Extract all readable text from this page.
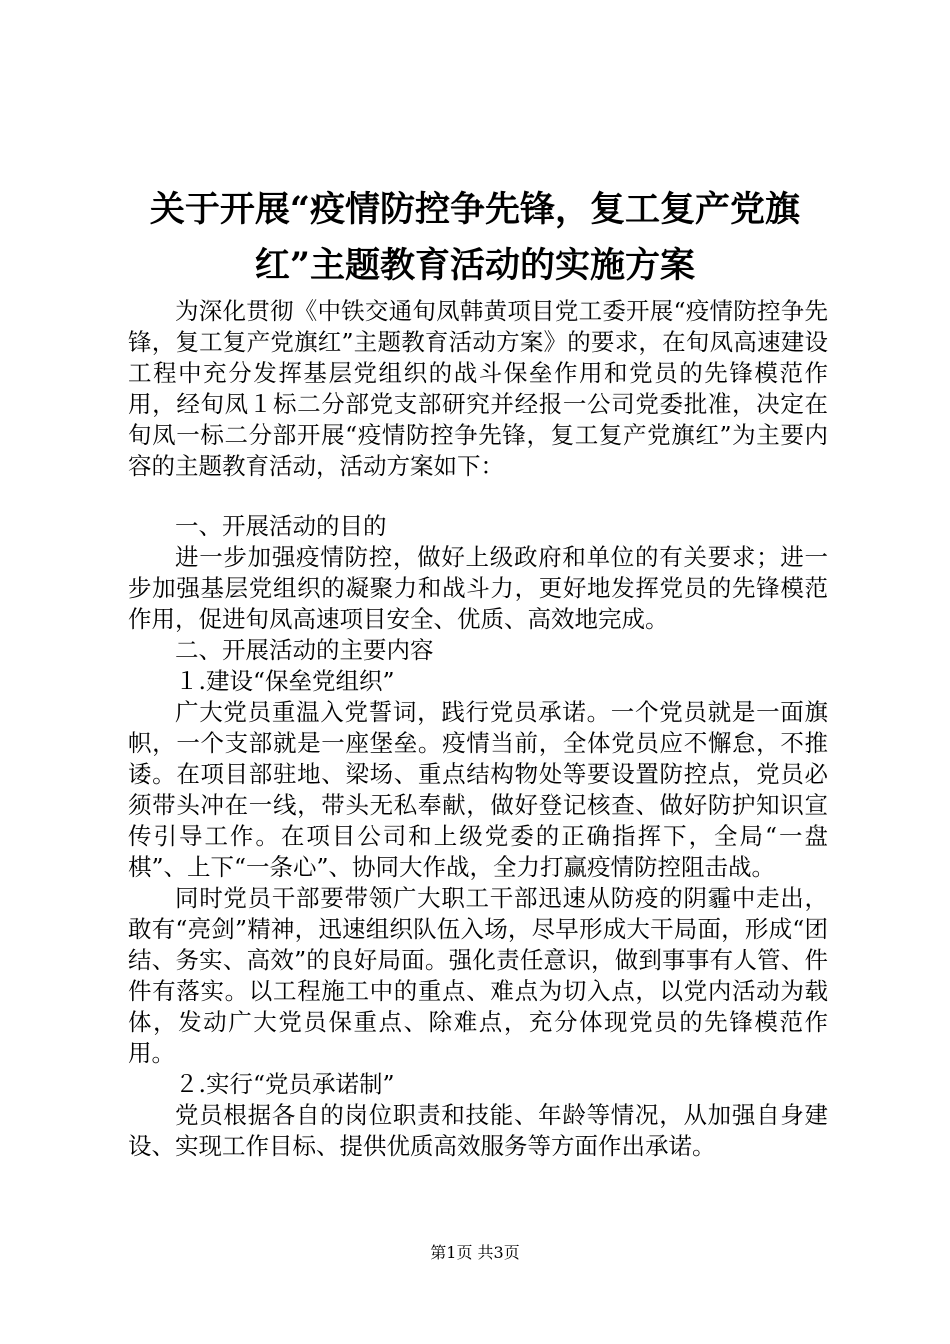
关于开展“疫情防控争先锋，复工复产党旗
红”主题教育活动的实施方案

为深化贯彻《中铁交通旬凤韩黄项目党工委开展“疫情防控争先锋，复工复产党旗红”主题教育活动方案》的要求，在旬凤高速建设工程中充分发挥基层党组织的战斗保垒作用和党员的先锋模范作用，经旬凤１标二分部党支部研究并经报一公司党委批准，决定在旬凤一标二分部开展“疫情防控争先锋，复工复产党旗红”为主要内容的主题教育活动，活动方案如下：

一、开展活动的目的

进一步加强疫情防控，做好上级政府和单位的有关要求；进一步加强基层党组织的凝聚力和战斗力，更好地发挥党员的先锋模范作用，促进旬凤高速项目安全、优质、高效地完成。

二、开展活动的主要内容

１.建设“保垒党组织”

广大党员重温入党誓词，践行党员承诺。一个党员就是一面旗帜，一个支部就是一座堡垒。疫情当前，全体党员应不懈怠，不推诿。在项目部驻地、梁场、重点结构物处等要设置防控点，党员必须带头冲在一线，带头无私奉献，做好登记核查、做好防护知识宣传引导工作。在项目公司和上级党委的正确指挥下，全局“一盘棋”、上下“一条心”、协同大作战，全力打赢疫情防控阻击战。

同时党员干部要带领广大职工干部迅速从防疫的阴霾中走出，敢有“亮剑”精神，迅速组织队伍入场，尽早形成大干局面，形成“团结、务实、高效”的良好局面。强化责任意识，做到事事有人管、件件有落实。以工程施工中的重点、难点为切入点，以党内活动为载体，发动广大党员保重点、除难点，充分体现党员的先锋模范作用。

２.实行“党员承诺制”

党员根据各自的岗位职责和技能、年龄等情况，从加强自身建设、实现工作目标、提供优质高效服务等方面作出承诺。

第1页 共3页
